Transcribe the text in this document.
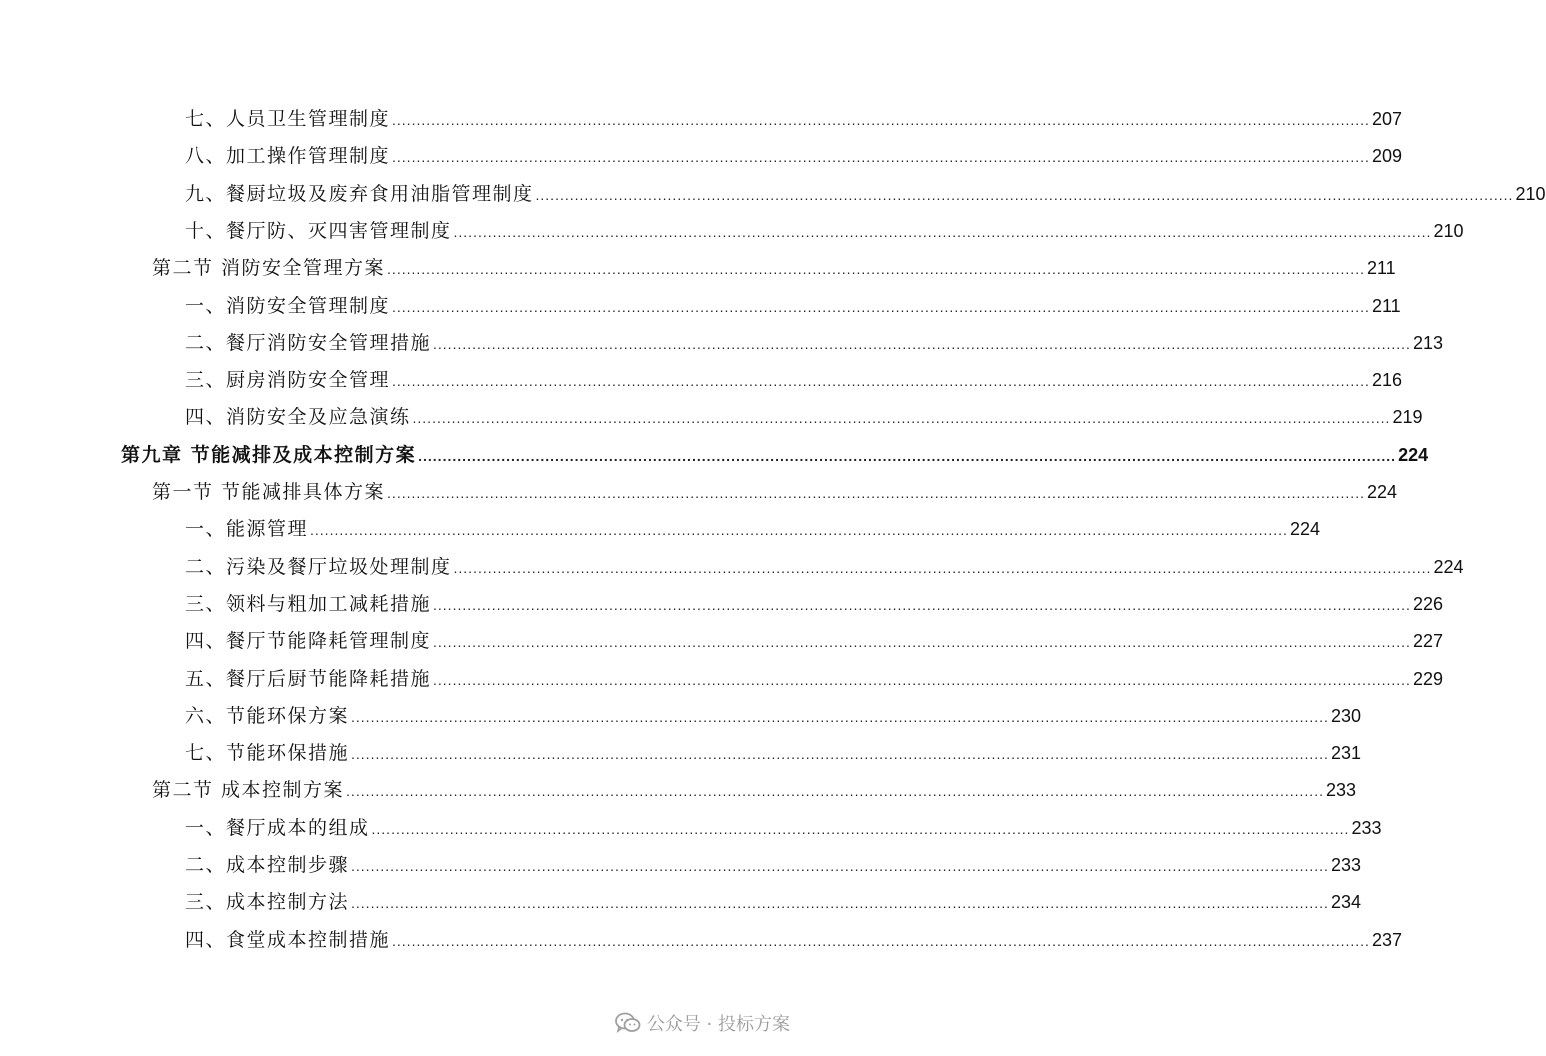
七、人员卫生管理制度 ........................................................................................................................................................................................................ 207
八、加工操作管理制度 ........................................................................................................................................................................................................ 209
九、餐厨垃圾及废弃食用油脂管理制度 ........................................................................................................................................................................................................ 210
十、餐厅防、灭四害管理制度 ........................................................................................................................................................................................................ 210
第二节 消防安全管理方案 ........................................................................................................................................................................................................ 211
一、消防安全管理制度 ........................................................................................................................................................................................................ 211
二、餐厅消防安全管理措施 ........................................................................................................................................................................................................ 213
三、厨房消防安全管理 ........................................................................................................................................................................................................ 216
四、消防安全及应急演练 ........................................................................................................................................................................................................ 219
第九章 节能减排及成本控制方案 ........................................................................................................................................................................................................ 224
第一节 节能减排具体方案 ........................................................................................................................................................................................................ 224
一、能源管理 ........................................................................................................................................................................................................ 224
二、污染及餐厅垃圾处理制度 ........................................................................................................................................................................................................ 224
三、领料与粗加工减耗措施 ........................................................................................................................................................................................................ 226
四、餐厅节能降耗管理制度 ........................................................................................................................................................................................................ 227
五、餐厅后厨节能降耗措施 ........................................................................................................................................................................................................ 229
六、节能环保方案 ........................................................................................................................................................................................................ 230
七、节能环保措施 ........................................................................................................................................................................................................ 231
第二节 成本控制方案 ........................................................................................................................................................................................................ 233
一、餐厅成本的组成 ........................................................................................................................................................................................................ 233
二、成本控制步骤 ........................................................................................................................................................................................................ 233
三、成本控制方法 ........................................................................................................................................................................................................ 234
四、食堂成本控制措施 ........................................................................................................................................................................................................ 237
公众号 · 投标方案
